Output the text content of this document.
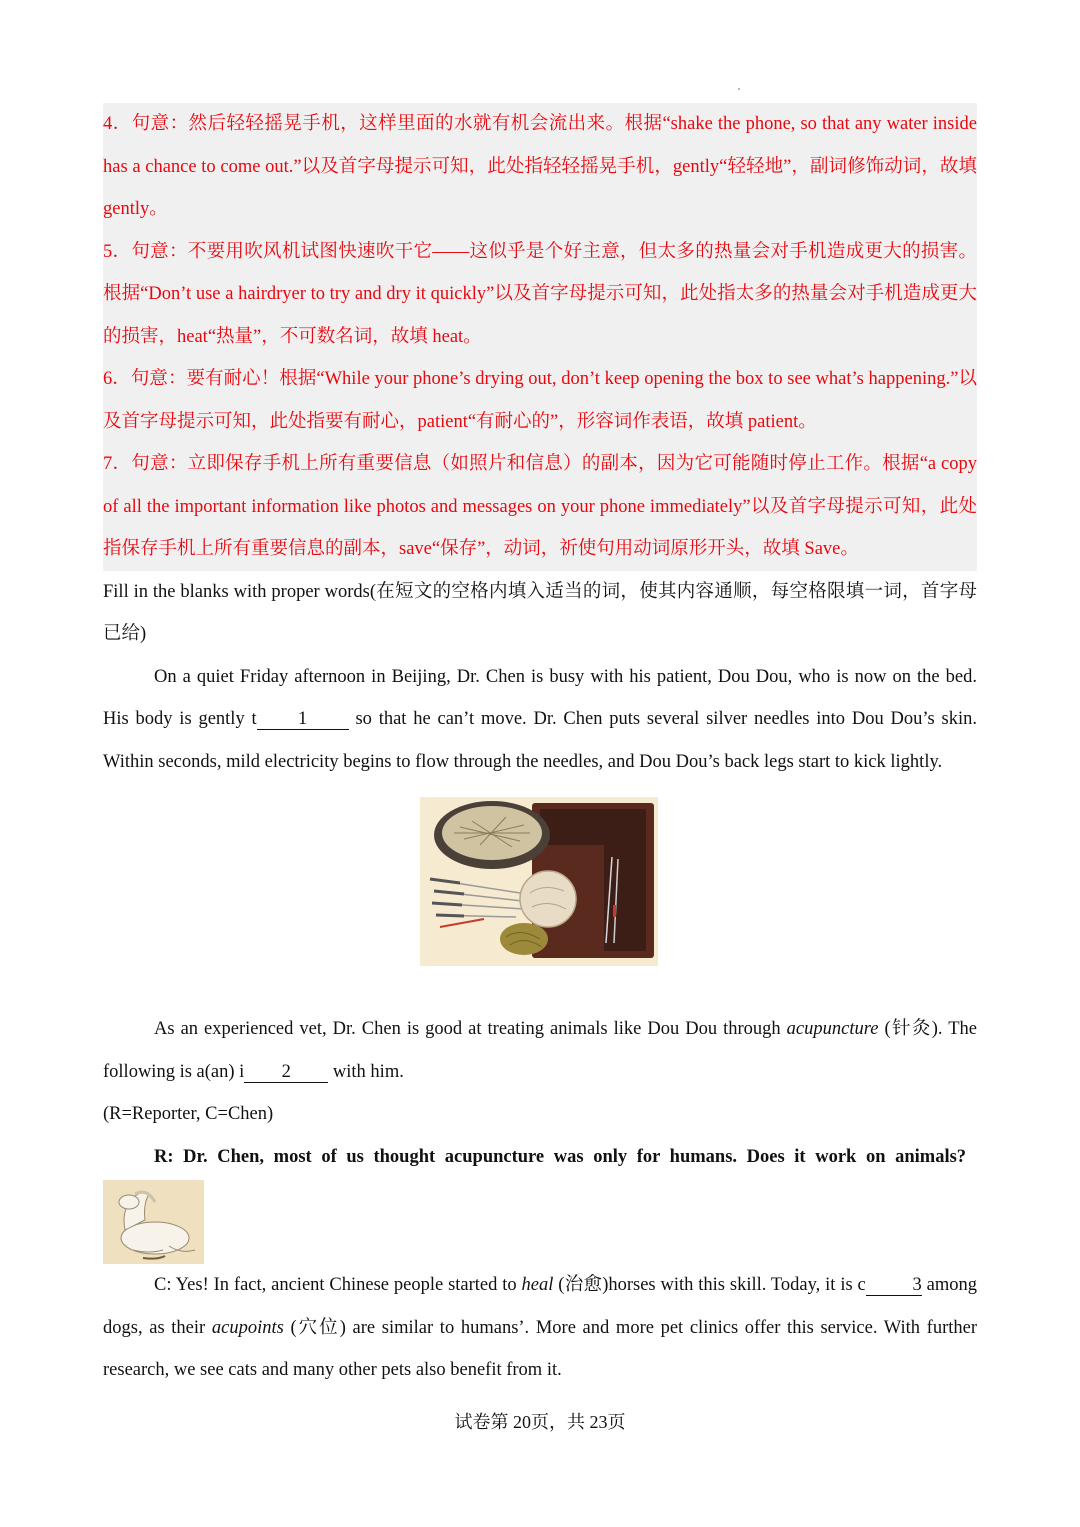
4．句意：然后轻轻摇晃手机，这样里面的水就有机会流出来。根据“shake the phone, so that any water inside has a chance to come out.”以及首字母提示可知，此处指轻轻摇晃手机，gently“轻轻地”，副词修饰动词，故填 gently。

5．句意：不要用吹风机试图快速吹干它——这似乎是个好主意，但太多的热量会对手机造成更大的损害。根据“Don’t use a hairdryer to try and dry it quickly”以及首字母提示可知，此处指太多的热量会对手机造成更大的损害，heat“热量”，不可数名词，故填 heat。

6．句意：要有耐心！根据“While your phone’s drying out, don’t keep opening the box to see what’s happening.”以及首字母提示可知，此处指要有耐心，patient“有耐心的”，形容词作表语，故填 patient。

7．句意：立即保存手机上所有重要信息（如照片和信息）的副本，因为它可能随时停止工作。根据“a copy of all the important information like photos and messages on your phone immediately”以及首字母提示可知，此处指保存手机上所有重要信息的副本，save“保存”，动词，祈使句用动词原形开头，故填 Save。

Fill in the blanks with proper words(在短文的空格内填入适当的词，使其内容通顺，每空格限填一词，首字母已给)

On a quiet Friday afternoon in Beijing, Dr. Chen is busy with his patient, Dou Dou, who is now on the bed. His body is gently t 1 so that he can’t move. Dr. Chen puts several silver needles into Dou Dou’s skin. Within seconds, mild electricity begins to flow through the needles, and Dou Dou’s back legs start to kick lightly.

As an experienced vet, Dr. Chen is good at treating animals like Dou Dou through acupuncture (针灸). The following is a(an) i 2 with him.

(R=Reporter, C=Chen)

R: Dr. Chen, most of us thought acupuncture was only for humans. Does it work on animals?

C: Yes! In fact, ancient Chinese people started to heal (治愈)horses with this skill. Today, it is c	3 among dogs, as their acupoints (穴位) are similar to humans’. More and more pet clinics offer this service. With further research, we see cats and many other pets also benefit from it.

试卷第 20页，共 23页
